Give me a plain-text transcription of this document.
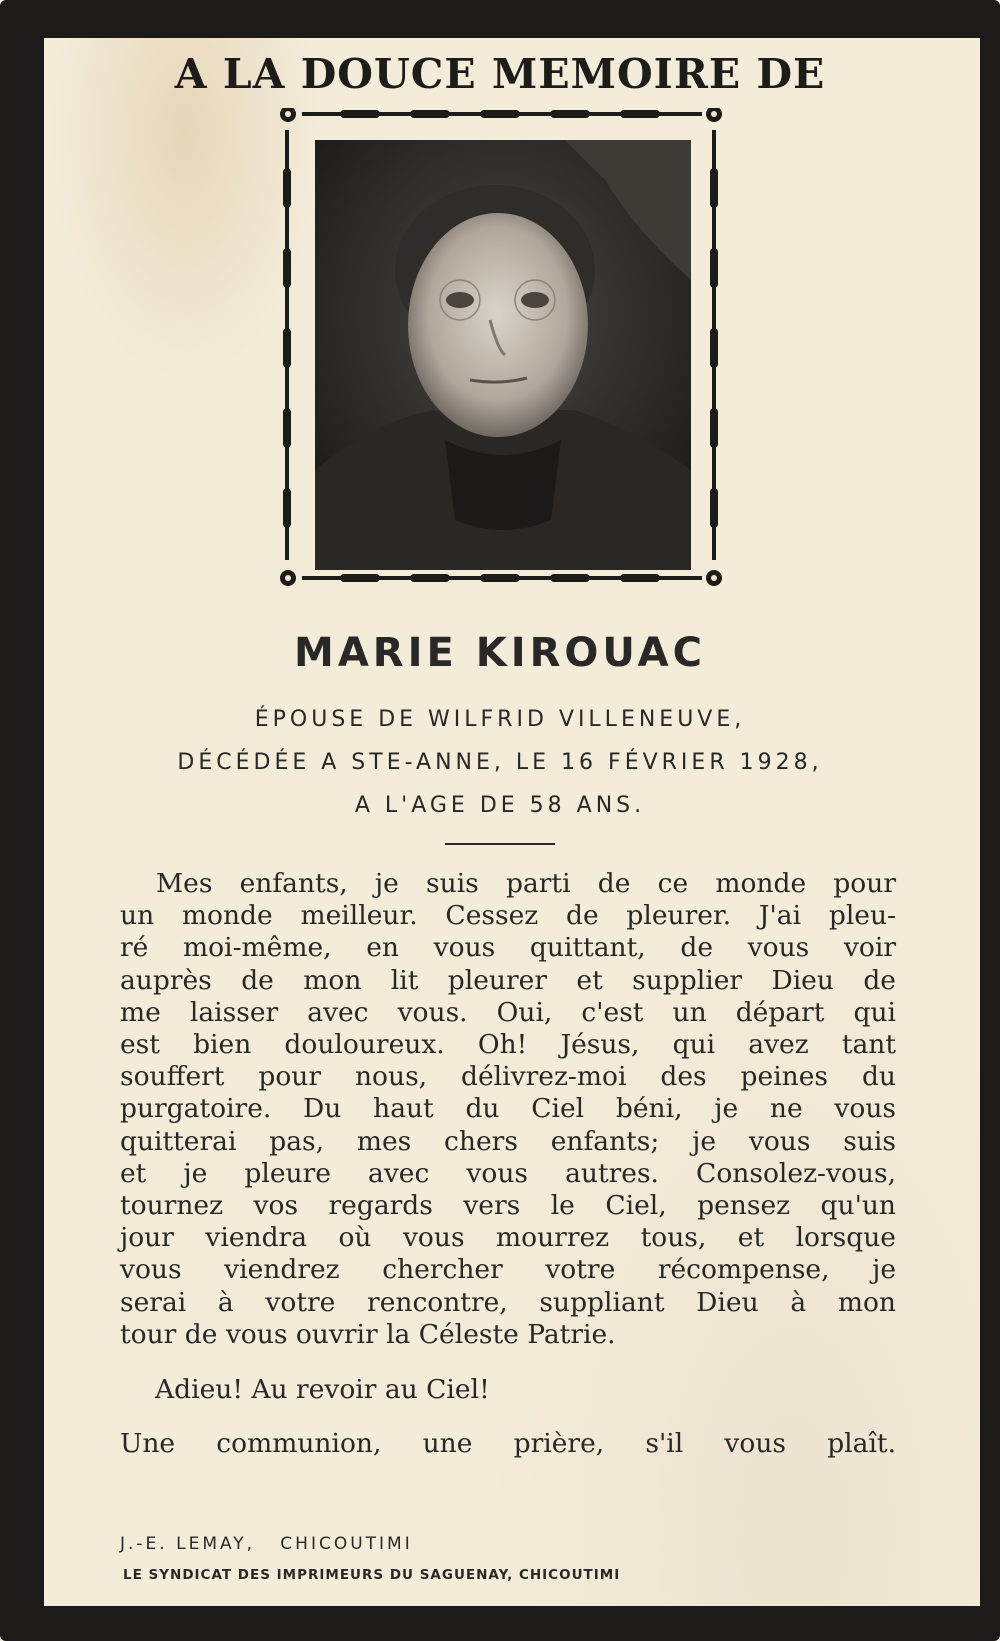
A LA DOUCE MEMOIRE DE
MARIE KIROUAC

ÉPOUSE DE WILFRID VILLENEUVE,

DÉCÉDÉE A STE-ANNE, LE 16 FÉVRIER 1928,

A L'AGE DE 58 ANS.

Mes enfants, je suis parti de ce monde pour
un monde meilleur. Cessez de pleurer. J'ai pleu-
ré moi-même, en vous quittant, de vous voir
auprès de mon lit pleurer et supplier Dieu de
me laisser avec vous. Oui, c'est un départ qui
est bien douloureux. Oh! Jésus, qui avez tant
souffert pour nous, délivrez-moi des peines du
purgatoire. Du haut du Ciel béni, je ne vous
quitterai pas, mes chers enfants; je vous suis
et je pleure avec vous autres. Consolez-vous,
tournez vos regards vers le Ciel, pensez qu'un
jour viendra où vous mourrez tous, et lorsque
vous viendrez chercher votre récompense, je
serai à votre rencontre, suppliant Dieu à mon
tour de vous ouvrir la Céleste Patrie.

Adieu! Au revoir au Ciel!

Une communion, une prière, s'il vous plaît.

J.-E. LEMAY, CHICOUTIMI

LE SYNDICAT DES IMPRIMEURS DU SAGUENAY, CHICOUTIMI
